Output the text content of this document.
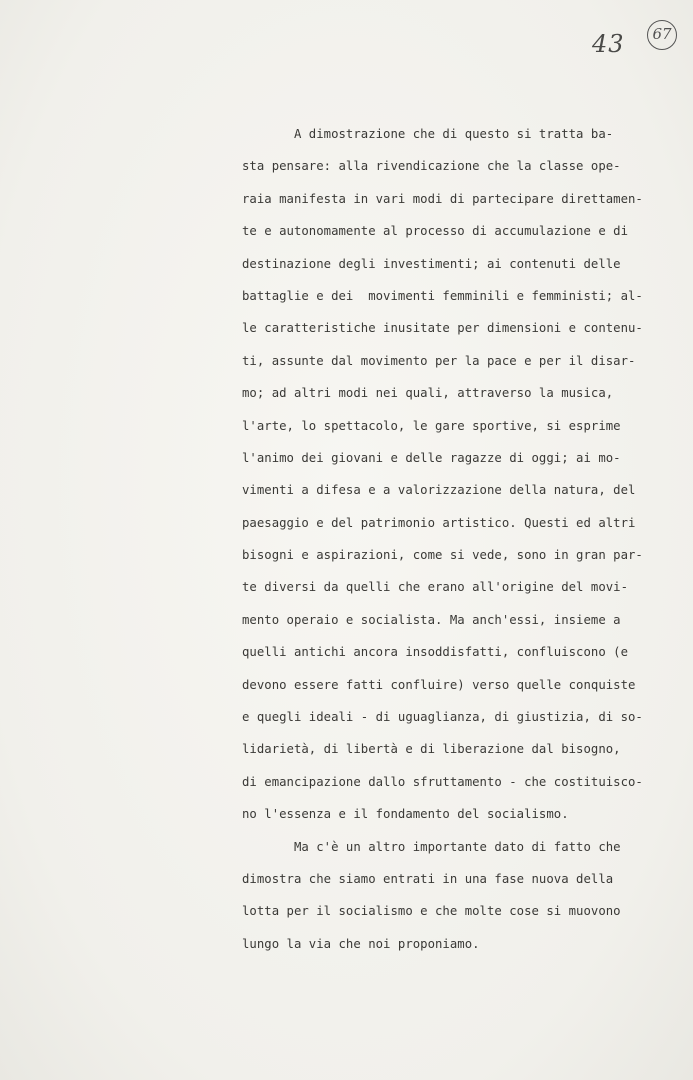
43	67
A dimostrazione che di questo si tratta ba-
sta pensare: alla rivendicazione che la classe ope-
raia manifesta in vari modi di partecipare direttamen-
te e autonomamente al processo di accumulazione e di
destinazione degli investimenti; ai contenuti delle
battaglie e dei  movimenti femminili e femministi; al-
le caratteristiche inusitate per dimensioni e contenu-
ti, assunte dal movimento per la pace e per il disar-
mo; ad altri modi nei quali, attraverso la musica,
l'arte, lo spettacolo, le gare sportive, si esprime
l'animo dei giovani e delle ragazze di oggi; ai mo-
vimenti a difesa e a valorizzazione della natura, del
paesaggio e del patrimonio artistico. Questi ed altri
bisogni e aspirazioni, come si vede, sono in gran par-
te diversi da quelli che erano all'origine del movi-
mento operaio e socialista. Ma anch'essi, insieme a
quelli antichi ancora insoddisfatti, confluiscono (e
devono essere fatti confluire) verso quelle conquiste
e quegli ideali - di uguaglianza, di giustizia, di so-
lidarietà, di libertà e di liberazione dal bisogno,
di emancipazione dallo sfruttamento - che costituisco-
no l'essenza e il fondamento del socialismo.
Ma c'è un altro importante dato di fatto che
dimostra che siamo entrati in una fase nuova della
lotta per il socialismo e che molte cose si muovono
lungo la via che noi proponiamo.
